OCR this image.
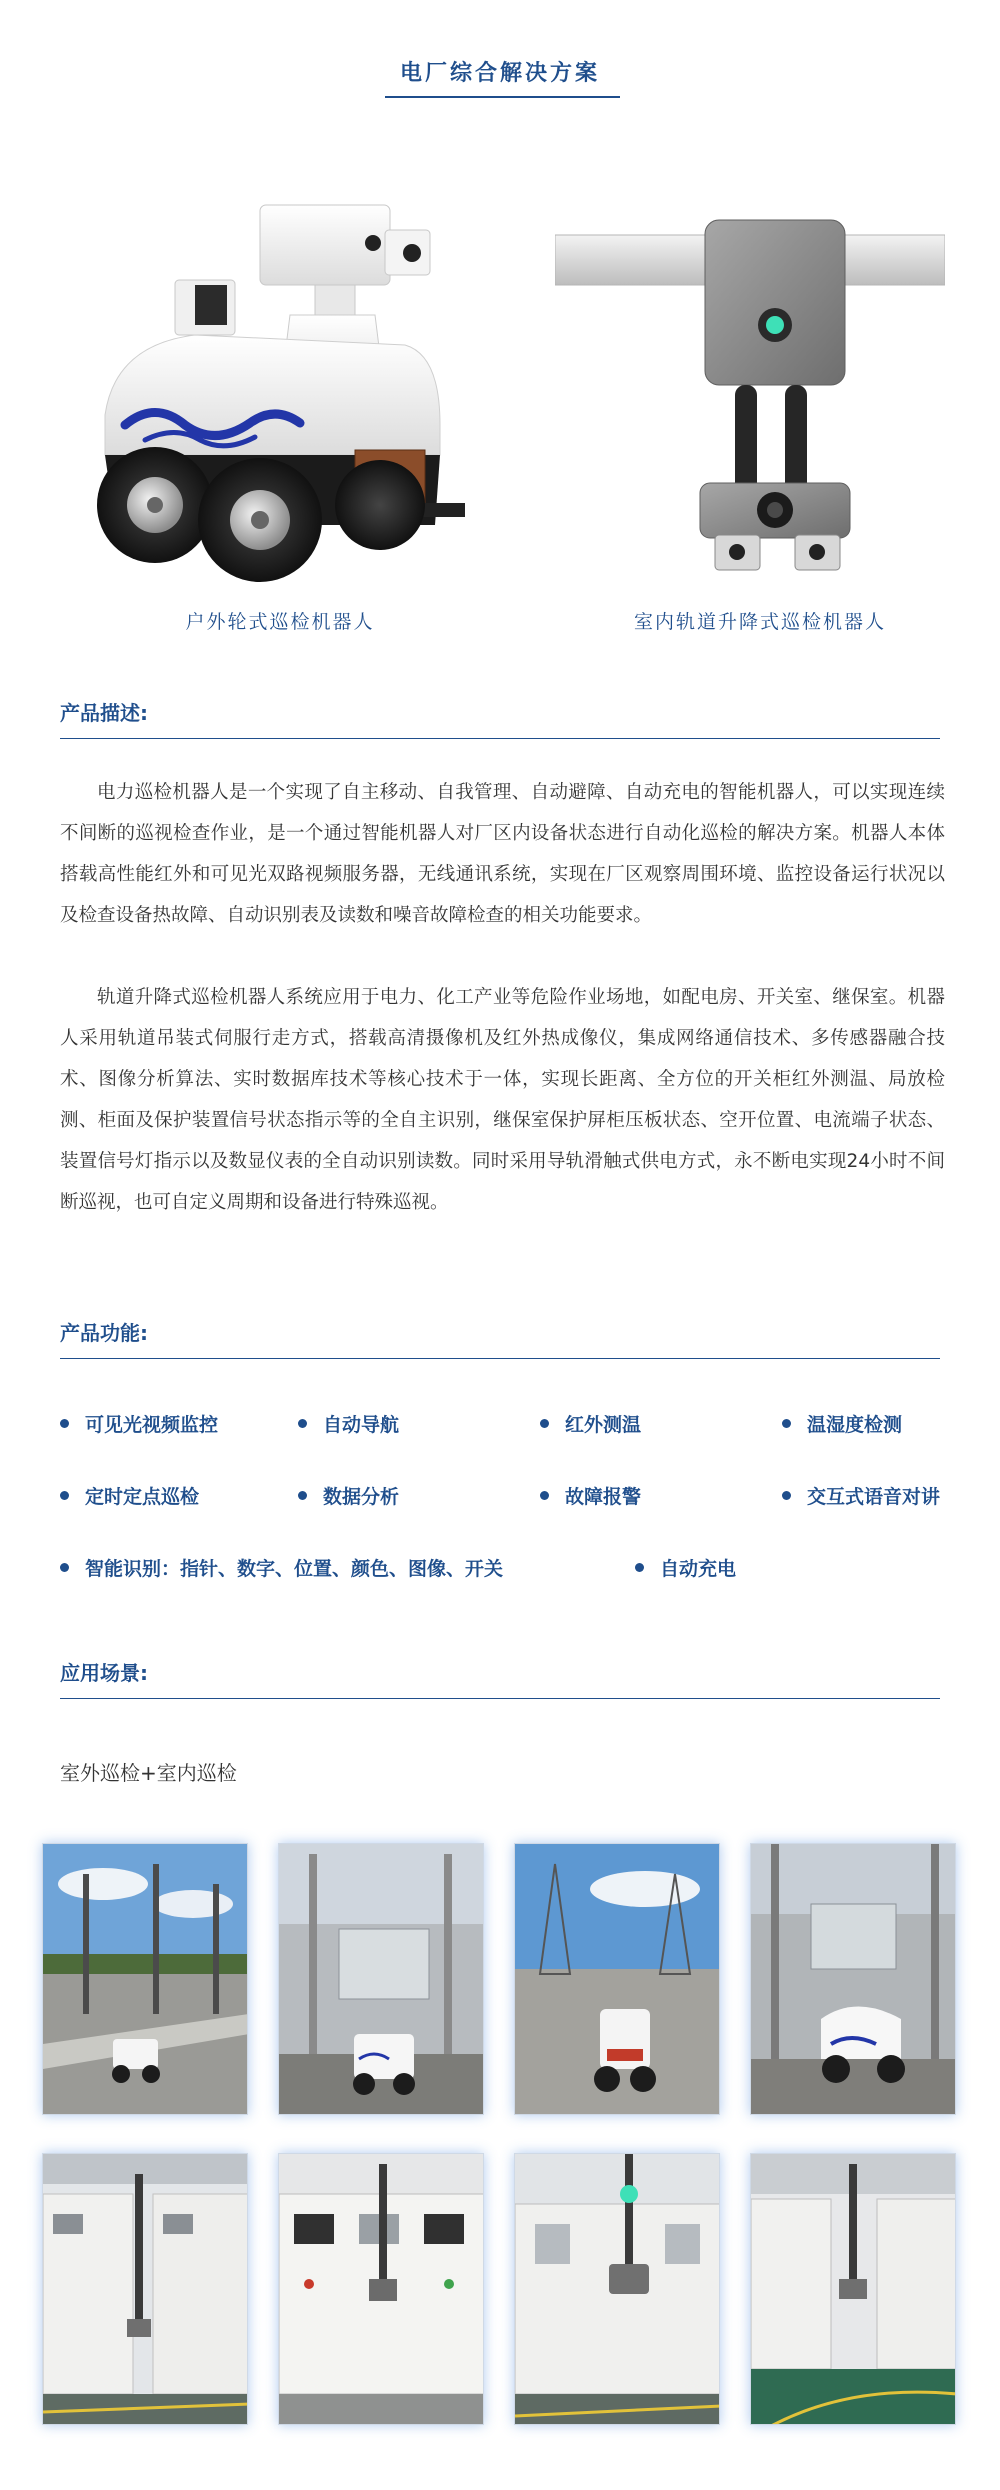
电厂综合解决方案
户外轮式巡检机器人	室内轨道升降式巡检机器人
产品描述:

电力巡检机器人是一个实现了自主移动、自我管理、自动避障、自动充电的智能机器人，可以实现连续不间断的巡视检查作业，是一个通过智能机器人对厂区内设备状态进行自动化巡检的解决方案。机器人本体搭载高性能红外和可见光双路视频服务器，无线通讯系统，实现在厂区观察周围环境、监控设备运行状况以及检查设备热故障、自动识别表及读数和噪音故障检查的相关功能要求。

轨道升降式巡检机器人系统应用于电力、化工产业等危险作业场地，如配电房、开关室、继保室。机器人采用轨道吊装式伺服行走方式，搭载高清摄像机及红外热成像仪，集成网络通信技术、多传感器融合技术、图像分析算法、实时数据库技术等核心技术于一体，实现长距离、全方位的开关柜红外测温、局放检测、柜面及保护装置信号状态指示等的全自主识别，继保室保护屏柜压板状态、空开位置、电流端子状态、装置信号灯指示以及数显仪表的全自动识别读数。同时采用导轨滑触式供电方式，永不断电实现24小时不间断巡视，也可自定义周期和设备进行特殊巡视。

产品功能:
可见光视频监控	自动导航	红外测温	温湿度检测
定时定点巡检	数据分析	故障报警	交互式语音对讲
智能识别：指针、数字、位置、颜色、图像、开关	自动充电
应用场景:
室外巡检+室内巡检
